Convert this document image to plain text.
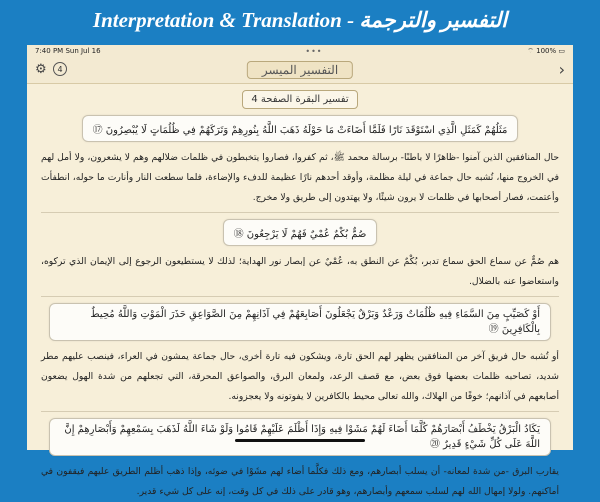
Interpretation & Translation - التفسير والترجمة
7:40 PM Sun Jul 16	•••	⌔ 100% ▭
⚙	4	التفسير الميسر	›
تفسير البقرة الصفحة 4
مَثَلُهُمْ كَمَثَلِ الَّذِي اسْتَوْقَدَ نَارًا فَلَمَّا أَضَاءَتْ مَا حَوْلَهُ ذَهَبَ اللَّهُ بِنُورِهِمْ وَتَرَكَهُمْ فِي ظُلُمَاتٍ لَا يُبْصِرُونَ ⑰

حال المنافقين الذين آمنوا -ظاهرًا لا باطنًا- برسالة محمد ﷺ، ثم كفروا، فصاروا يتخبطون في ظلمات ضلالهم وهم لا يشعرون، ولا أمل لهم في الخروج منها، تُشبه حال جماعة في ليلة مظلمة، وأوقد أحدهم نارًا عظيمة للدفء والإضاءة، فلما سطعت النار وأنارت ما حوله، انطفأت وأعتمت، فصار أصحابها في ظلمات لا يرون شيئًا، ولا يهتدون إلى طريق ولا مخرج.

صُمٌّ بُكْمٌ عُمْيٌ فَهُمْ لَا يَرْجِعُونَ ⑱

هم صُمٌّ عن سماع الحق سماع تدبر، بُكْمٌ عن النطق به، عُمْيٌ عن إبصار نور الهداية؛ لذلك لا يستطيعون الرجوع إلى الإيمان الذي تركوه، واستعاضوا عنه بالضلال.

أَوْ كَصَيِّبٍ مِنَ السَّمَاءِ فِيهِ ظُلُمَاتٌ وَرَعْدٌ وَبَرْقٌ يَجْعَلُونَ أَصَابِعَهُمْ فِي آذَانِهِمْ مِنَ الصَّوَاعِقِ حَذَرَ الْمَوْتِ وَاللَّهُ مُحِيطٌ بِالْكَافِرِينَ ⑲

أو تُشبه حال فريق آخر من المنافقين يظهر لهم الحق تارة، ويشكون فيه تارة أخرى، حال جماعة يمشون في العراء، فينصب عليهم مطر شديد، تصاحبه ظلمات بعضها فوق بعض، مع قصف الرعد، ولمعان البرق، والصواعق المحرقة، التي تجعلهم من شدة الهول يضعون أصابعهم في آذانهم؛ خوفًا من الهلاك، والله تعالى محيط بالكافرين لا يفوتونه ولا يعجزونه.

يَكَادُ الْبَرْقُ يَخْطَفُ أَبْصَارَهُمْ كُلَّمَا أَضَاءَ لَهُمْ مَشَوْا فِيهِ وَإِذَا أَظْلَمَ عَلَيْهِمْ قَامُوا وَلَوْ شَاءَ اللَّهُ لَذَهَبَ بِسَمْعِهِمْ وَأَبْصَارِهِمْ إِنَّ اللَّهَ عَلَى كُلِّ شَيْءٍ قَدِيرٌ ⑳

يقارب البرق -من شدة لمعانه- أن يسلب أبصارهم، ومع ذلك فكلَّما أضاء لهم مشَوْا في ضوئه، وإذا ذهب أظلم الطريق عليهم فيقفون في أماكنهم. ولولا إمهال الله لهم لسلب سمعهم وأبصارهم، وهو قادر على ذلك في كل وقت، إنه على كل شيء قدير.
